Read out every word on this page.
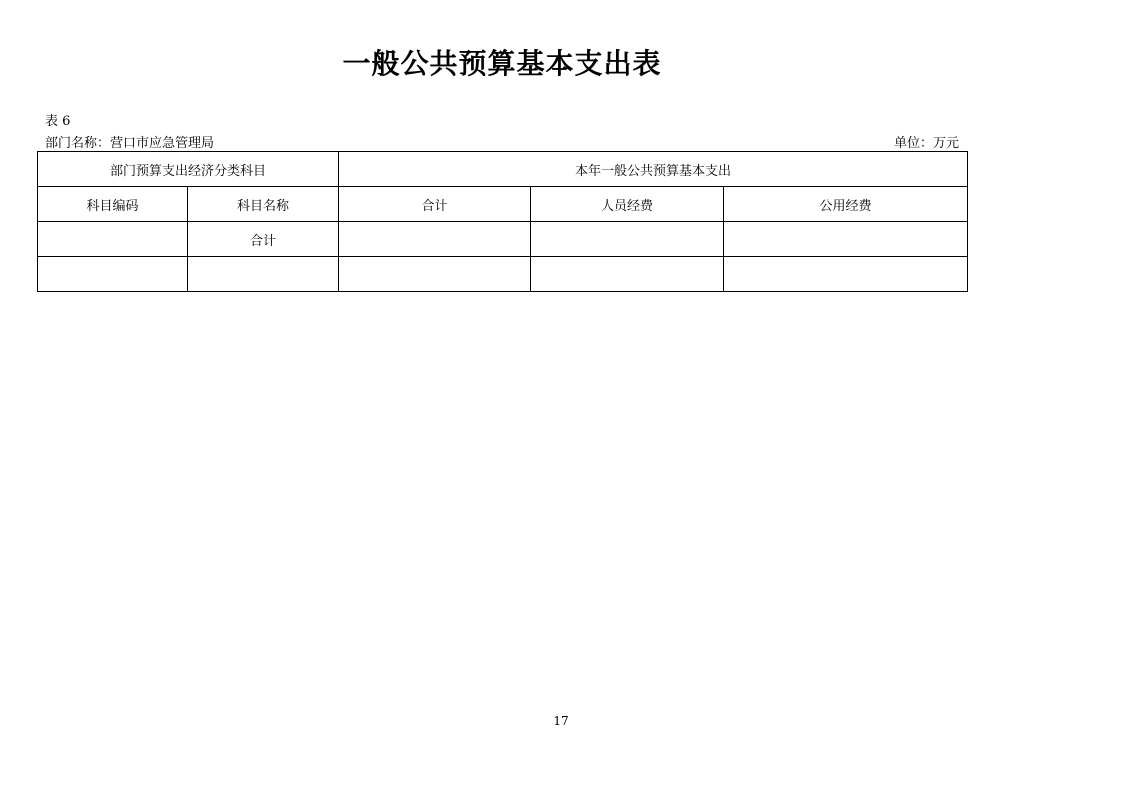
一般公共预算基本支出表
表 6
部门名称：营口市应急管理局	单位：万元
部门预算支出经济分类科目		本年一般公共预算基本支出		
科目编码	科目名称	合计	人员经费	公用经费
	合计			

17
